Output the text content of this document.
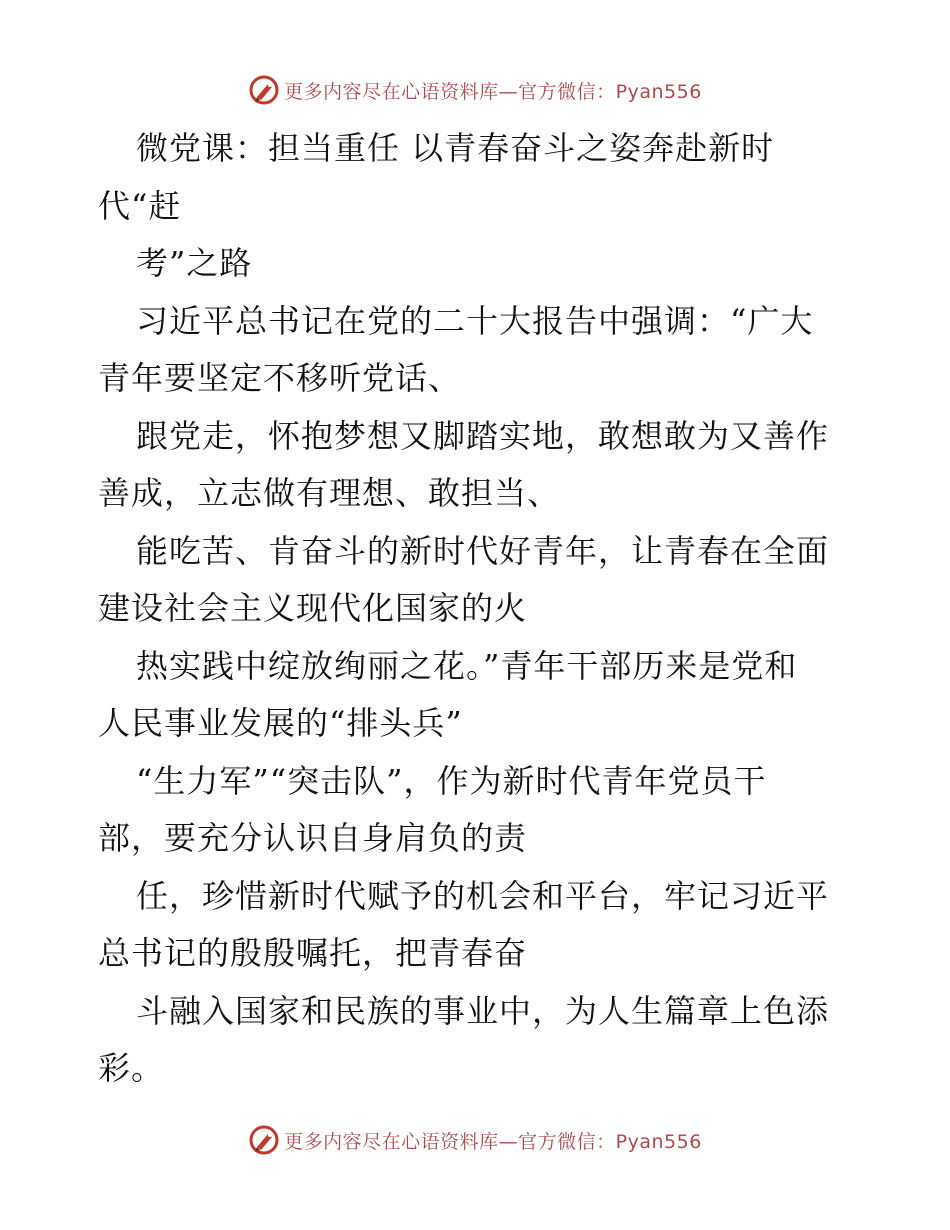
更多内容尽在心语资料库—官方微信：Pyan556
微党课：担当重任 以青春奋斗之姿奔赴新时
代“赶
考”之路
习近平总书记在党的二十大报告中强调：“广大
青年要坚定不移听党话、
跟党走，怀抱梦想又脚踏实地，敢想敢为又善作
善成，立志做有理想、敢担当、
能吃苦、肯奋斗的新时代好青年，让青春在全面
建设社会主义现代化国家的火
热实践中绽放绚丽之花。”青年干部历来是党和
人民事业发展的“排头兵”
“生力军”“突击队”，作为新时代青年党员干
部，要充分认识自身肩负的责
任，珍惜新时代赋予的机会和平台，牢记习近平
总书记的殷殷嘱托，把青春奋
斗融入国家和民族的事业中，为人生篇章上色添
彩。
更多内容尽在心语资料库—官方微信：Pyan556
